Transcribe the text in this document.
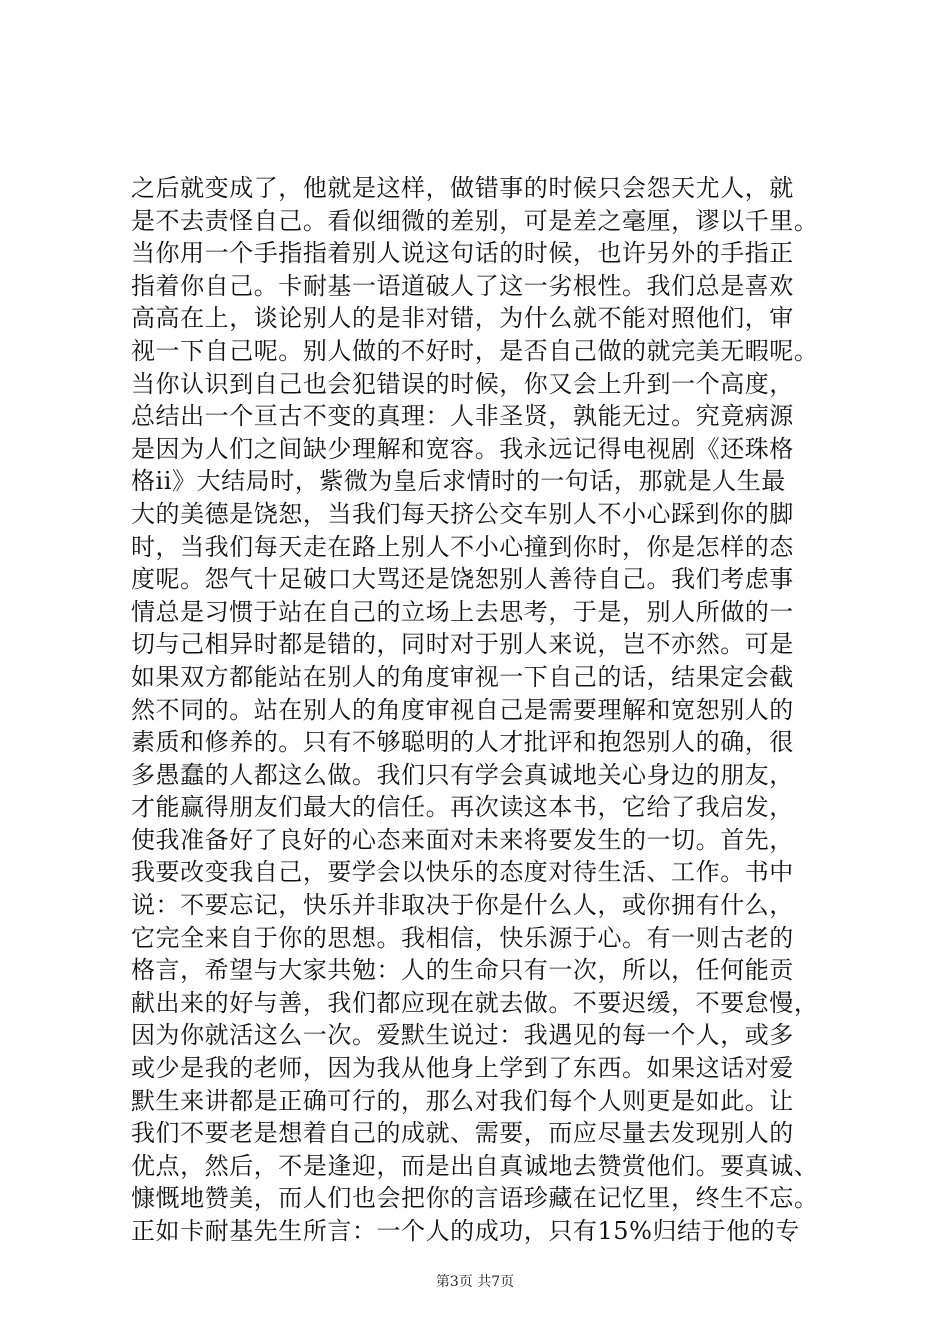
之后就变成了，他就是这样，做错事的时候只会怨天尤人，就
是不去责怪自己。看似细微的差别，可是差之毫厘，谬以千里。
当你用一个手指指着别人说这句话的时候，也许另外的手指正
指着你自己。卡耐基一语道破人了这一劣根性。我们总是喜欢
高高在上，谈论别人的是非对错，为什么就不能对照他们，审
视一下自己呢。别人做的不好时，是否自己做的就完美无暇呢。
当你认识到自己也会犯错误的时候，你又会上升到一个高度，
总结出一个亘古不变的真理：人非圣贤，孰能无过。究竟病源
是因为人们之间缺少理解和宽容。我永远记得电视剧《还珠格
格ii》大结局时，紫微为皇后求情时的一句话，那就是人生最
大的美德是饶恕，当我们每天挤公交车别人不小心踩到你的脚
时，当我们每天走在路上别人不小心撞到你时，你是怎样的态
度呢。怨气十足破口大骂还是饶恕别人善待自己。我们考虑事
情总是习惯于站在自己的立场上去思考，于是，别人所做的一
切与己相异时都是错的，同时对于别人来说，岂不亦然。可是
如果双方都能站在别人的角度审视一下自己的话，结果定会截
然不同的。站在别人的角度审视自己是需要理解和宽恕别人的
素质和修养的。只有不够聪明的人才批评和抱怨别人的确，很
多愚蠢的人都这么做。我们只有学会真诚地关心身边的朋友，
才能赢得朋友们最大的信任。再次读这本书，它给了我启发，
使我准备好了良好的心态来面对未来将要发生的一切。首先，
我要改变我自己，要学会以快乐的态度对待生活、工作。书中
说：不要忘记，快乐并非取决于你是什么人，或你拥有什么，
它完全来自于你的思想。我相信，快乐源于心。有一则古老的
格言，希望与大家共勉：人的生命只有一次，所以，任何能贡
献出来的好与善，我们都应现在就去做。不要迟缓，不要怠慢，
因为你就活这么一次。爱默生说过：我遇见的每一个人，或多
或少是我的老师，因为我从他身上学到了东西。如果这话对爱
默生来讲都是正确可行的，那么对我们每个人则更是如此。让
我们不要老是想着自己的成就、需要，而应尽量去发现别人的
优点，然后，不是逢迎，而是出自真诚地去赞赏他们。要真诚、
慷慨地赞美，而人们也会把你的言语珍藏在记忆里，终生不忘。
正如卡耐基先生所言：一个人的成功，只有15%归结于他的专
第3页 共7页
